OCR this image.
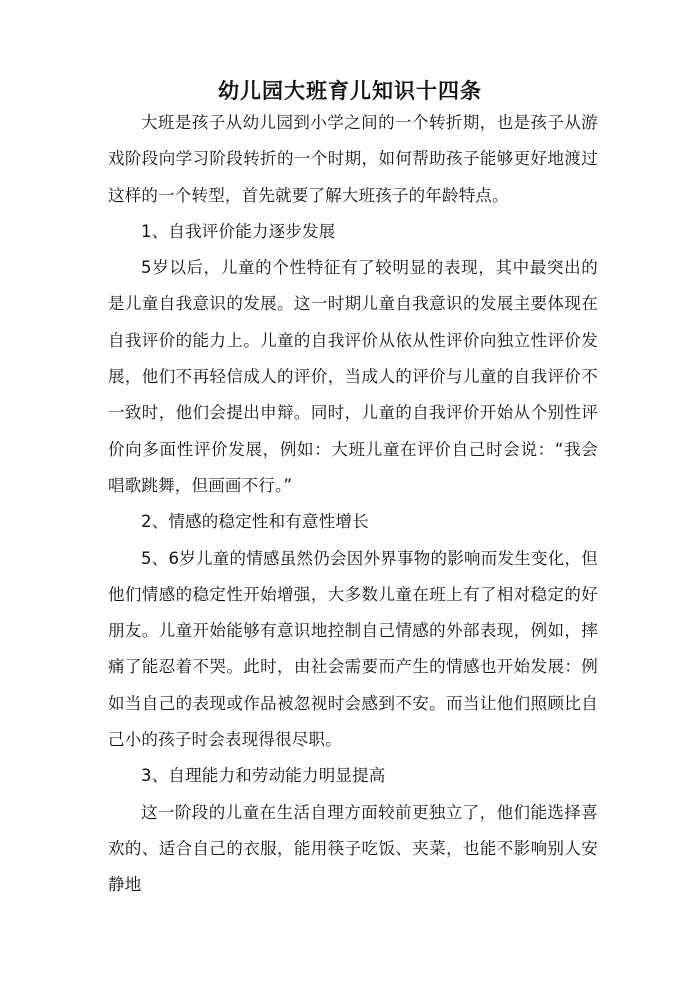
幼儿园大班育儿知识十四条

大班是孩子从幼儿园到小学之间的一个转折期，也是孩子从游戏阶段向学习阶段转折的一个时期，如何帮助孩子能够更好地渡过这样的一个转型，首先就要了解大班孩子的年龄特点。

1、自我评价能力逐步发展

5岁以后，儿童的个性特征有了较明显的表现，其中最突出的是儿童自我意识的发展。这一时期儿童自我意识的发展主要体现在自我评价的能力上。儿童的自我评价从依从性评价向独立性评价发展，他们不再轻信成人的评价，当成人的评价与儿童的自我评价不一致时，他们会提出申辩。同时，儿童的自我评价开始从个别性评价向多面性评价发展，例如：大班儿童在评价自己时会说：“我会唱歌跳舞，但画画不行。”

2、情感的稳定性和有意性增长

5、6岁儿童的情感虽然仍会因外界事物的影响而发生变化，但他们情感的稳定性开始增强，大多数儿童在班上有了相对稳定的好朋友。儿童开始能够有意识地控制自己情感的外部表现，例如，摔痛了能忍着不哭。此时，由社会需要而产生的情感也开始发展：例如当自己的表现或作品被忽视时会感到不安。而当让他们照顾比自己小的孩子时会表现得很尽职。

3、自理能力和劳动能力明显提高

这一阶段的儿童在生活自理方面较前更独立了，他们能选择喜欢的、适合自己的衣服，能用筷子吃饭、夹菜，也能不影响别人安静地
